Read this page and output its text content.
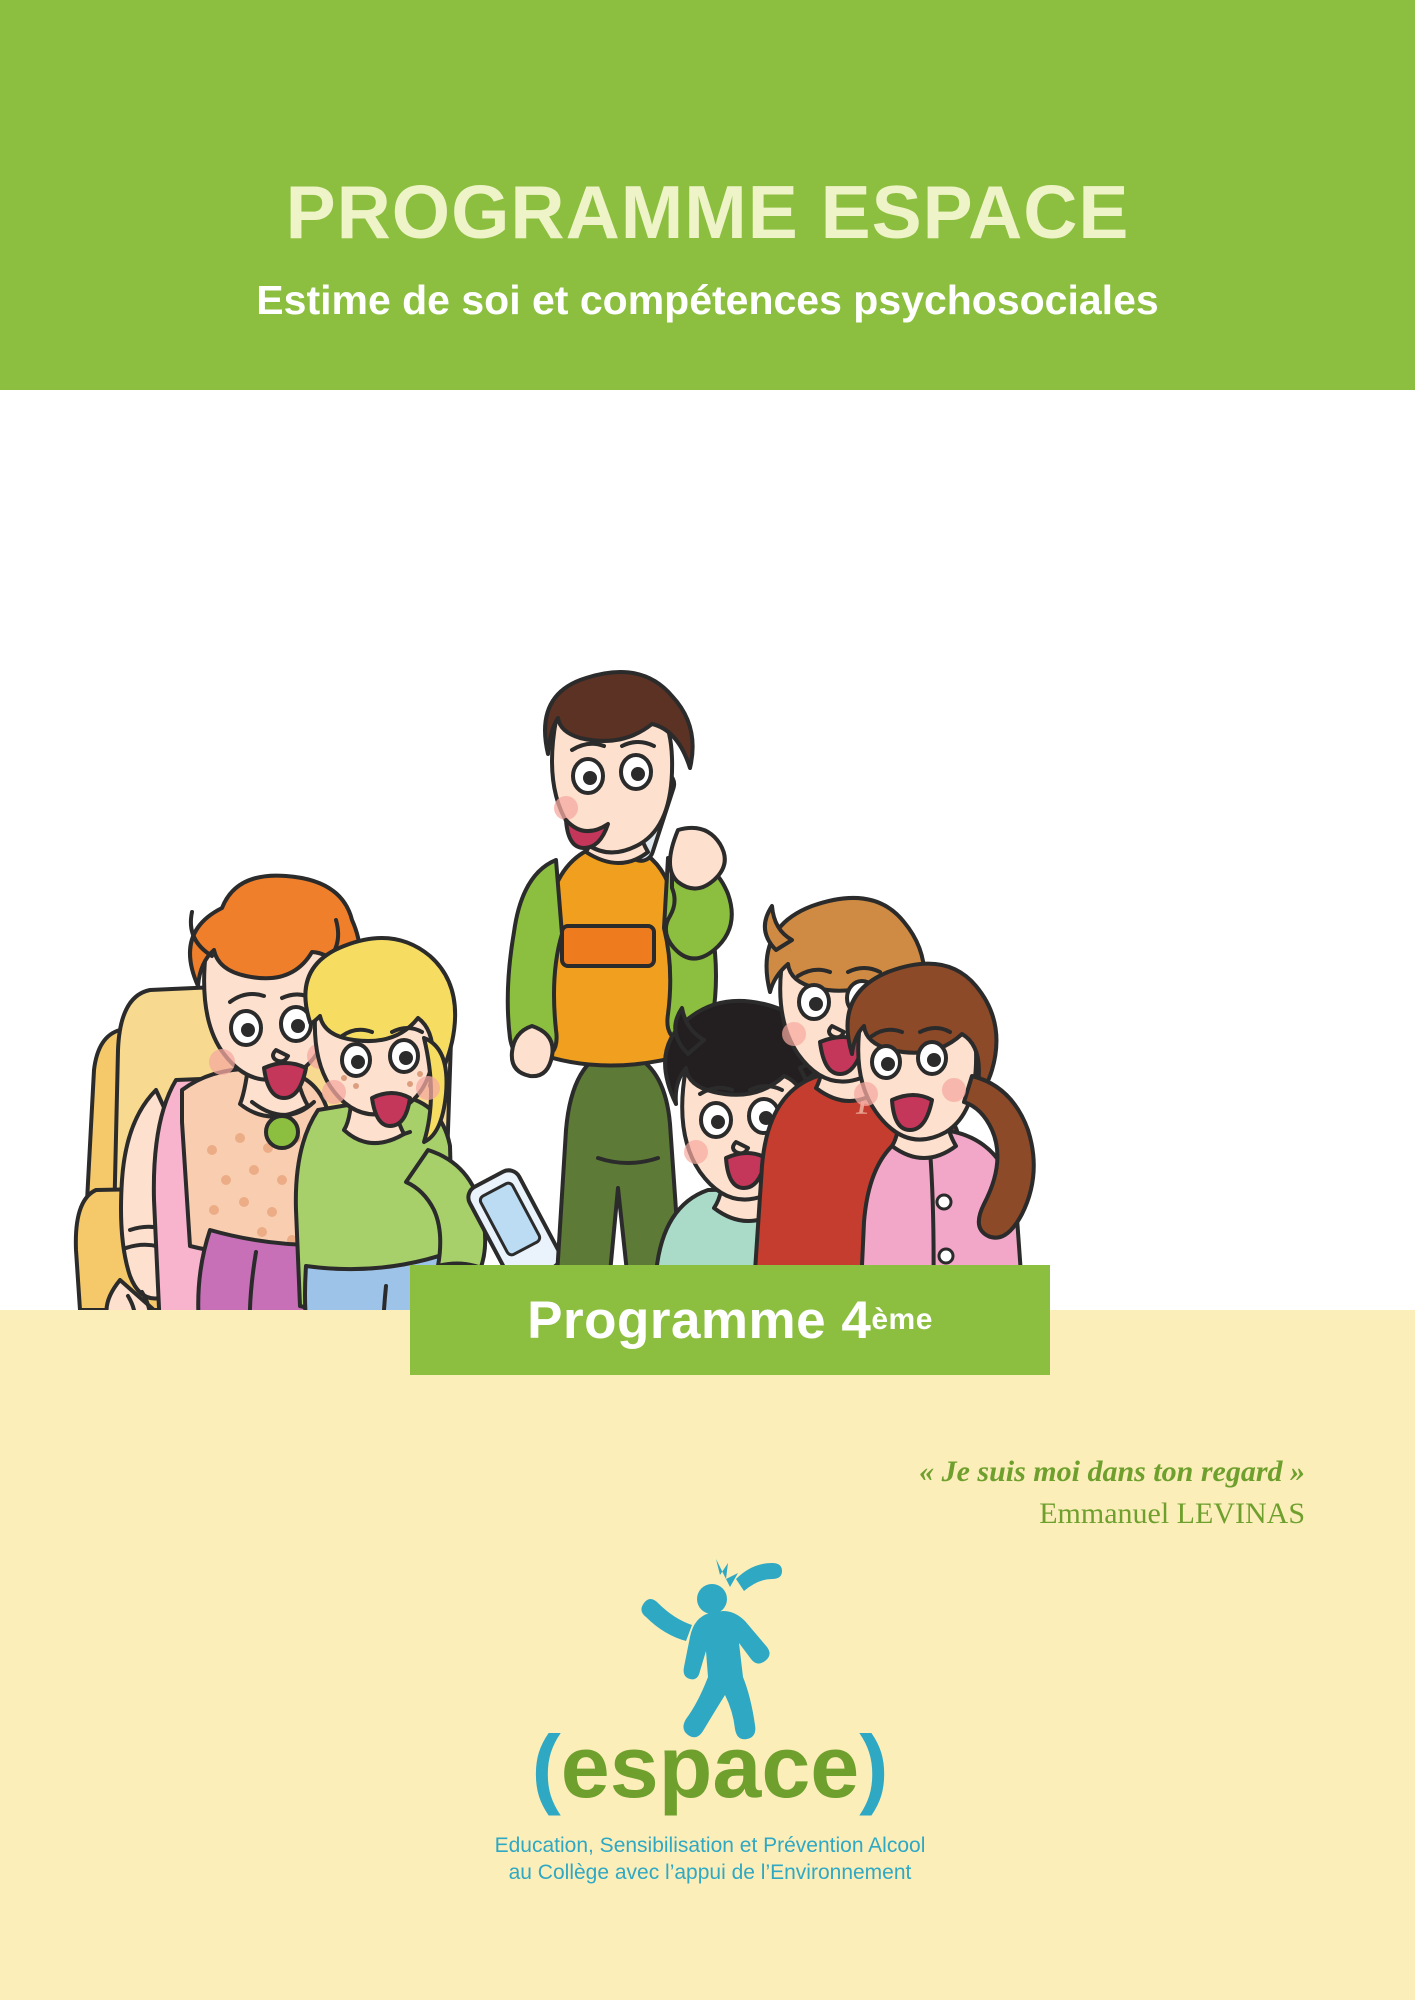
PROGRAMME ESPACE
Estime de soi et compétences psychosociales
Programme 4 ème
« Je suis moi dans ton regard »
Emmanuel LEVINAS
(espace)
Education, Sensibilisation et Prévention Alcool
au Collège avec l’appui de l’Environnement
